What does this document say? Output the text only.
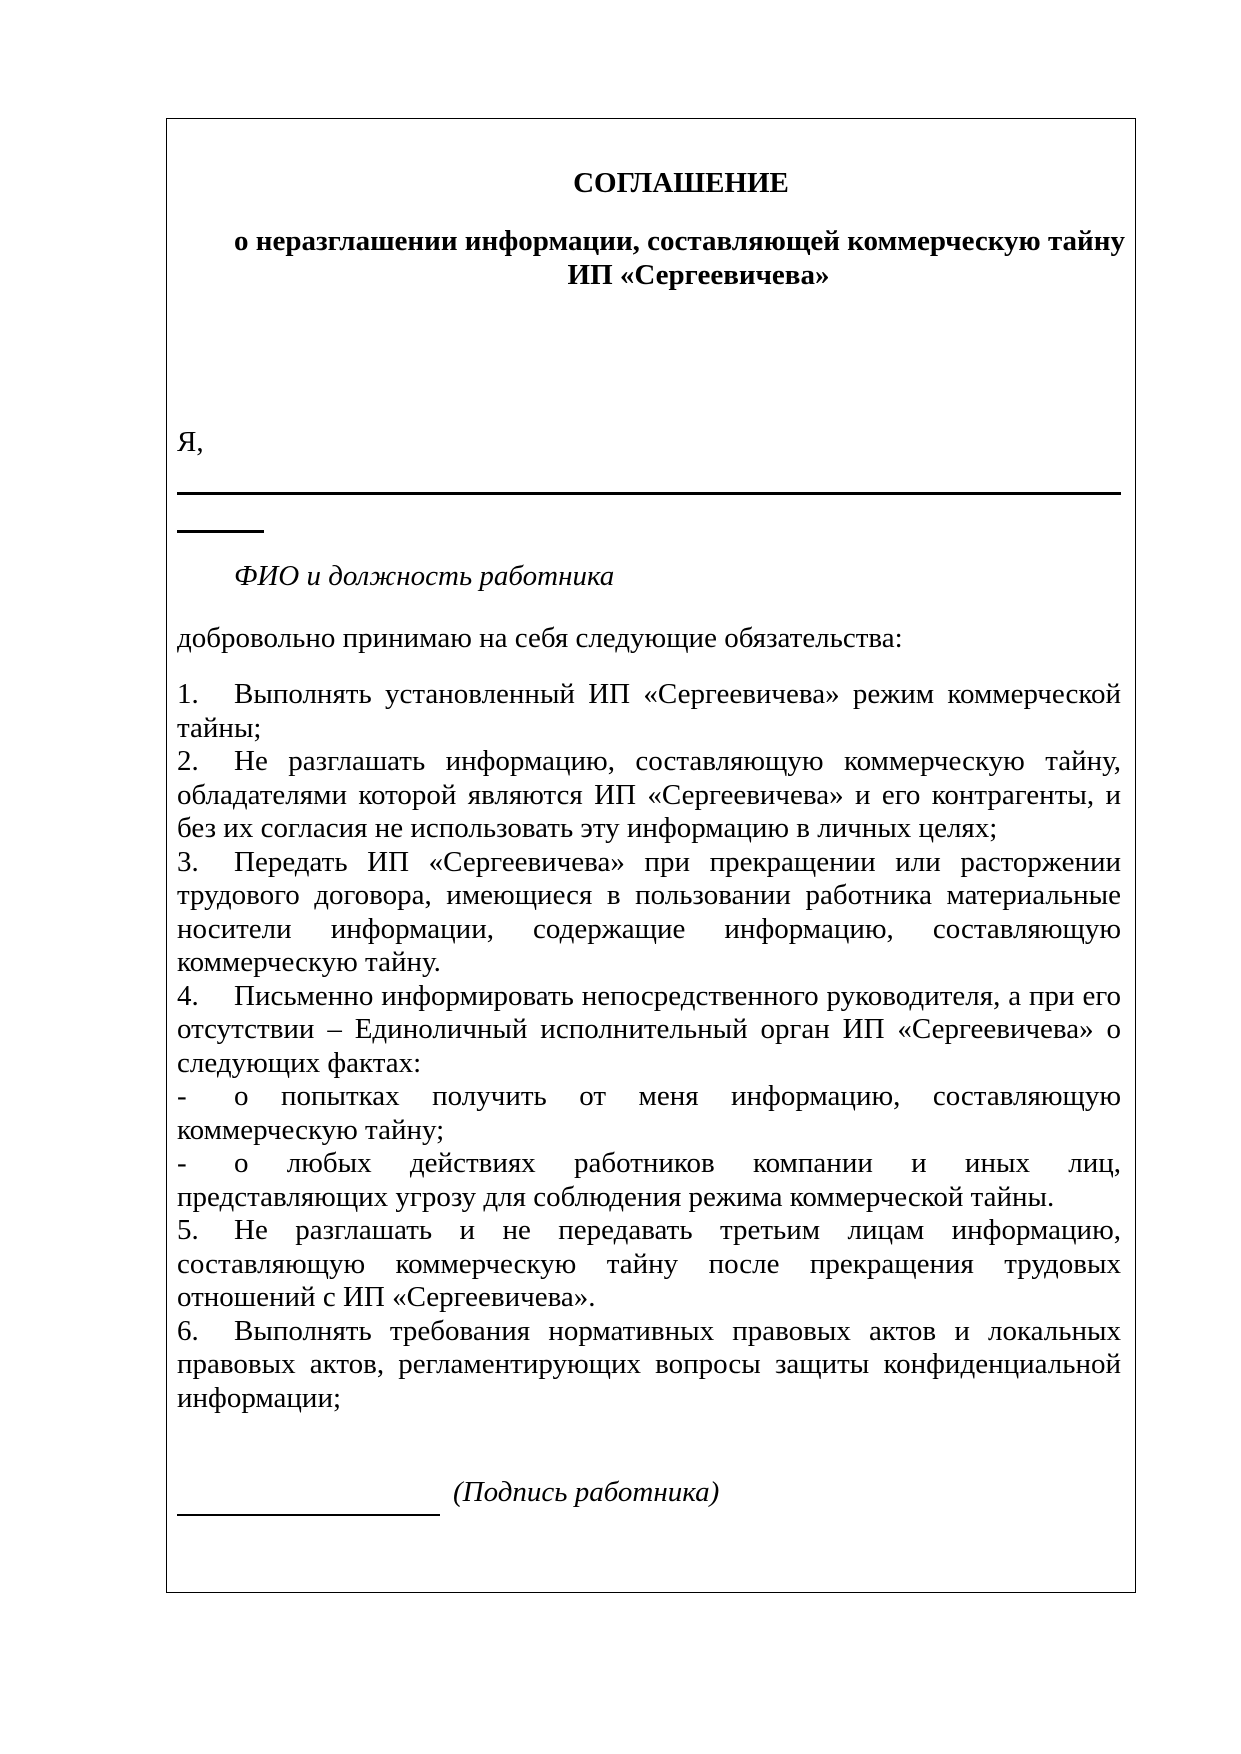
СОГЛАШЕНИЕ
о неразглашении информации, составляющей коммерческую тайну
ИП «Сергеевичева»
Я,
ФИО и должность работника
добровольно принимаю на себя следующие обязательства:

1. Выполнять установленный ИП «Сергеевичева» режим коммерческой тайны;

2. Не разглашать информацию, составляющую коммерческую тайну, обладателями которой являются ИП «Сергеевичева» и его контрагенты, и без их согласия не использовать эту информацию в личных целях;

3. Передать ИП «Сергеевичева» при прекращении или расторжении трудового договора, имеющиеся в пользовании работника материальные носители информации, содержащие информацию, составляющую коммерческую тайну.

4. Письменно информировать непосредственного руководителя, а при его отсутствии – Единоличный исполнительный орган ИП «Сергеевичева» о следующих фактах:

- о попытках получить от меня информацию, составляющую коммерческую тайну;

- о любых действиях работников компании и иных лиц, представляющих угрозу для соблюдения режима коммерческой тайны.

5. Не разглашать и не передавать третьим лицам информацию, составляющую коммерческую тайну после прекращения трудовых отношений с ИП «Сергеевичева».

6. Выполнять требования нормативных правовых актов и локальных правовых актов, регламентирующих вопросы защиты конфиденциальной информации;

(Подпись работника)
